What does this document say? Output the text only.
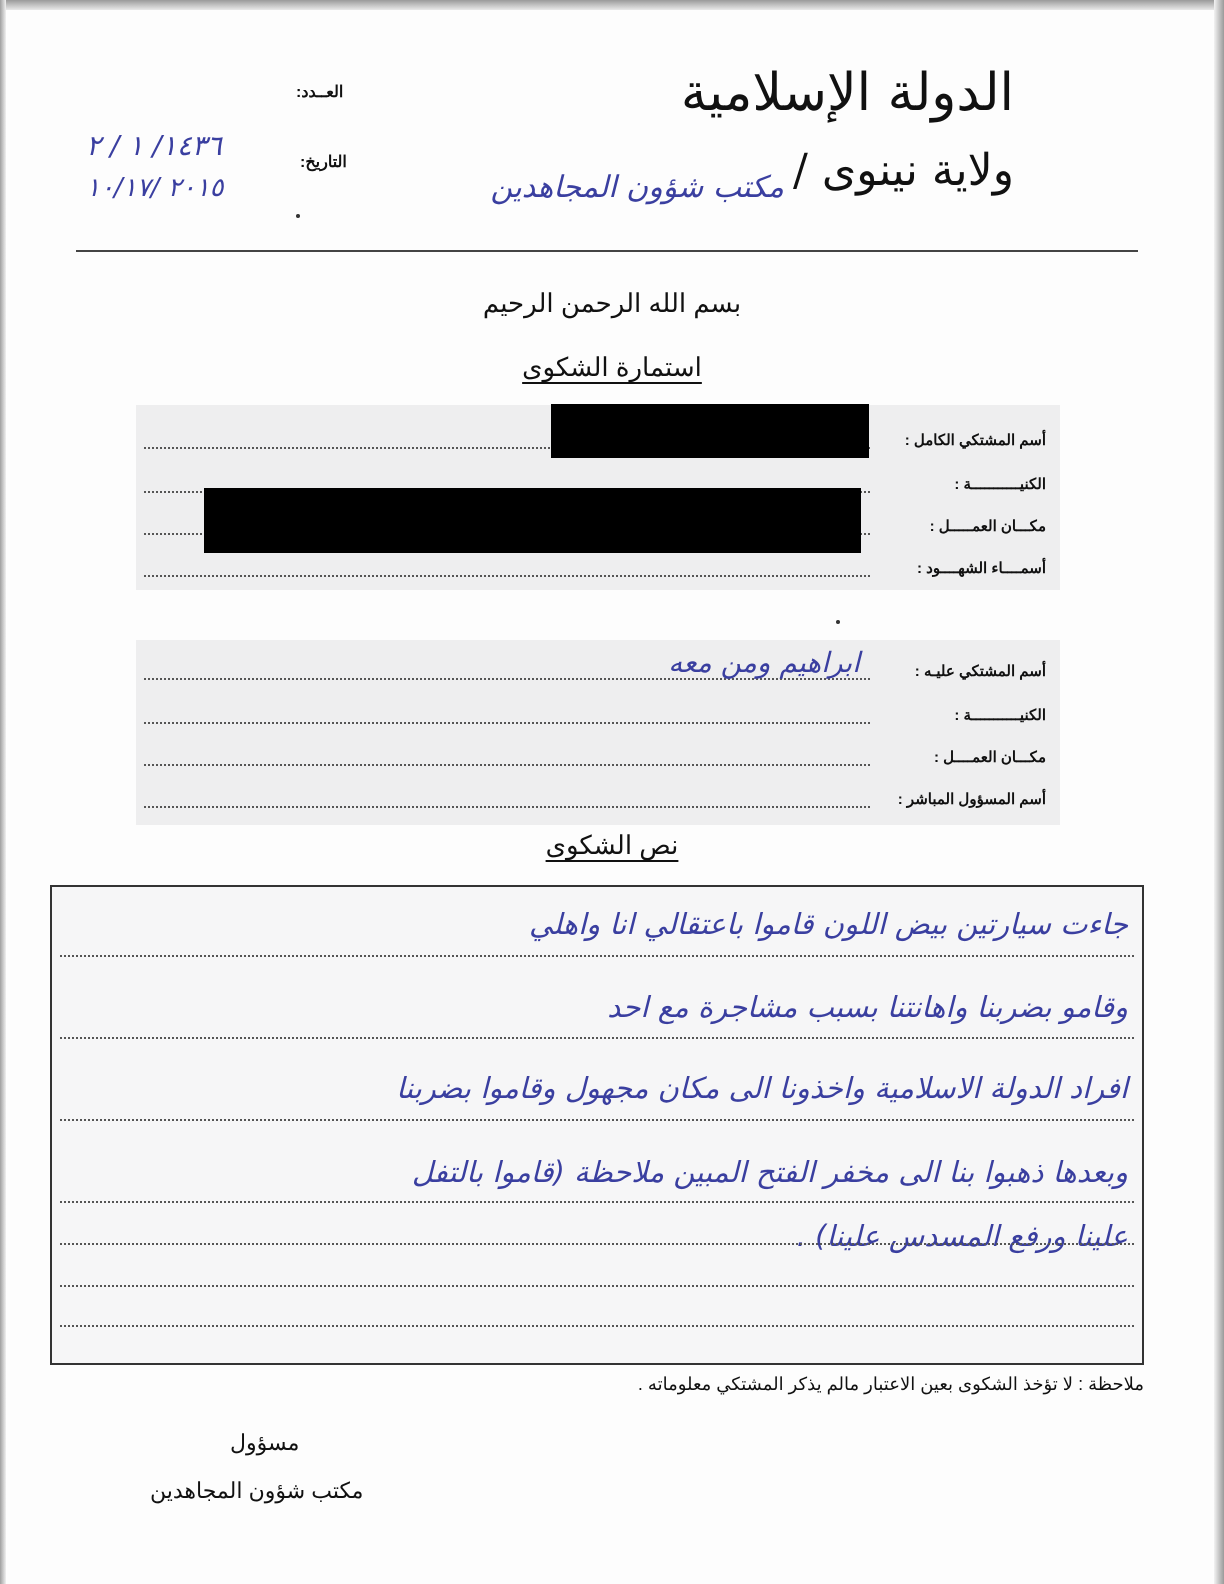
الدولة الإسلامية
ولاية نينوى /
مكتب شؤون المجاهدين
العــدد:
التاريخ:
١٤٣٦/ ١ / ٢
٢٠١٥ /١٠/١٧
بسم الله الرحمن الرحيم
استمارة الشكوى
أسم المشتكي الكامل :
الكنيـــــــــــة :
مكـــان العمـــــل :
أسمــــاء الشهــــود :
أسم المشتكي عليـه :
ابراهيم ومن معه
الكنيـــــــــــة :
مكـــان العمــــل :
أسم المسؤول المباشر :
نص الشكوى
جاءت سيارتين بيض اللون قاموا باعتقالي انا واهلي
وقامو بضربنا واهانتنا بسبب مشاجرة مع احد
افراد الدولة الاسلامية واخذونا الى مكان مجهول وقاموا بضربنا
وبعدها ذهبوا بنا الى مخفر الفتح المبين ملاحظة (قاموا بالتفل
علينا ورفع المسدس علينا) .
ملاحظة : لا تؤخذ الشكوى بعين الاعتبار مالم يذكر المشتكي معلوماته .
مسؤول
مكتب شؤون المجاهدين
